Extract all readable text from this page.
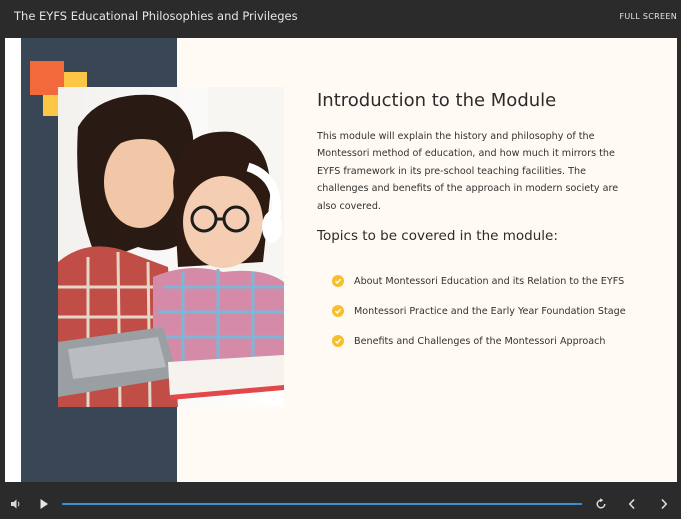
The EYFS Educational Philosophies and Privileges	FULL SCREEN
Introduction to the Module
This module will explain the history and philosophy of the Montessori method of education, and how much it mirrors the EYFS framework in its pre-school teaching facilities. The challenges and benefits of the approach in modern society are also covered.
Topics to be covered in the module:
About Montessori Education and its Relation to the EYFS
Montessori Practice and the Early Year Foundation Stage
Benefits and Challenges of the Montessori Approach
